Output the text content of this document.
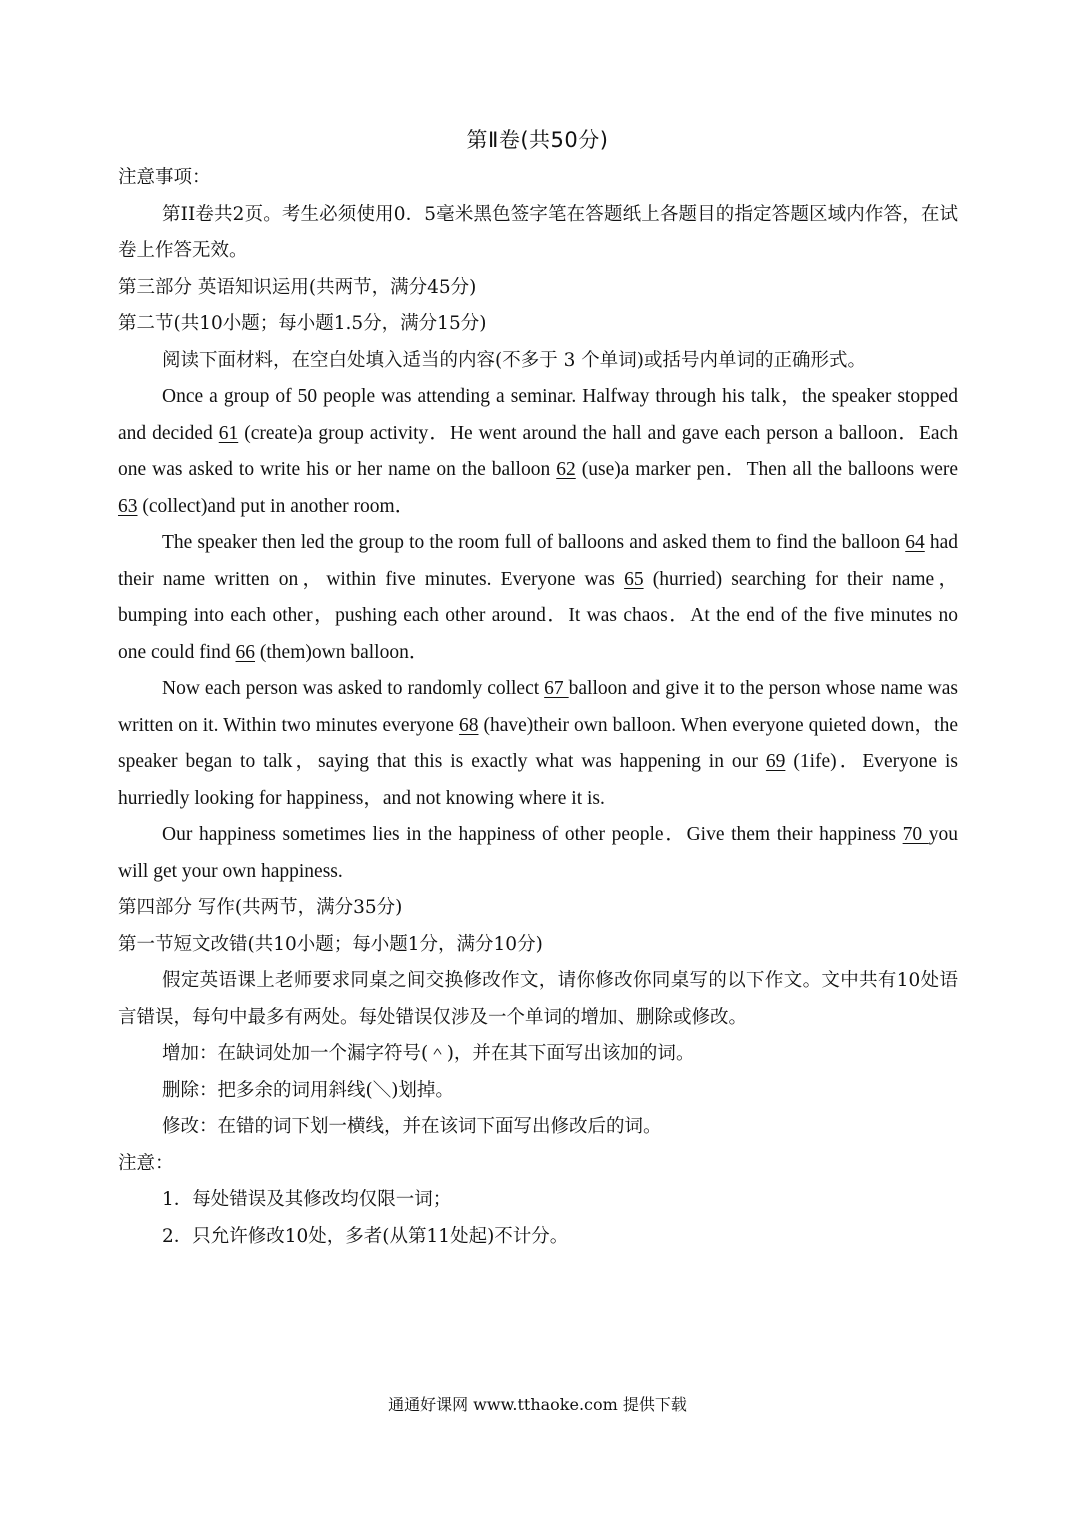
第Ⅱ卷(共50分)

注意事项：

第II卷共2页。考生必须使用0．5毫米黑色签字笔在答题纸上各题目的指定答题区域内作答，在试卷上作答无效。

第三部分 英语知识运用(共两节，满分45分)

第二节(共10小题；每小题1.5分，满分15分)

阅读下面材料，在空白处填入适当的内容(不多于 3 个单词)或括号内单词的正确形式。

Once a group of 50 people was attending a seminar. Halfway through his talk，the speaker stopped and decided 61 (create)a group activity．He went around the hall and gave each person a balloon．Each one was asked to write his or her name on the balloon 62 (use)a marker pen．Then all the balloons were 63 (collect)and put in another room．

The speaker then led the group to the room full of balloons and asked them to find the balloon 64 had their name written on，within five minutes. Everyone was 65 (hurried) searching for their name，bumping into each other，pushing each other around．It was chaos．At the end of the five minutes no one could find 66 (them)own balloon．

Now each person was asked to randomly collect 67 balloon and give it to the person whose name was written on it. Within two minutes everyone 68 (have)their own balloon. When everyone quieted down，the speaker began to talk，saying that this is exactly what was happening in our 69 (1ife)．Everyone is hurriedly looking for happiness，and not knowing where it is.

Our happiness sometimes lies in the happiness of other people．Give them their happiness 70 you will get your own happiness.

第四部分 写作(共两节，满分35分)

第一节短文改错(共10小题；每小题1分，满分10分)

假定英语课上老师要求同桌之间交换修改作文，请你修改你同桌写的以下作文。文中共有10处语言错误，每句中最多有两处。每处错误仅涉及一个单词的增加、删除或修改。

增加：在缺词处加一个漏字符号(＾)，并在其下面写出该加的词。

删除：把多余的词用斜线(＼)划掉。

修改：在错的词下划一横线，并在该词下面写出修改后的词。

注意：

1．每处错误及其修改均仅限一词；

2．只允许修改10处，多者(从第11处起)不计分。

通通好课网 www.tthaoke.com 提供下载
